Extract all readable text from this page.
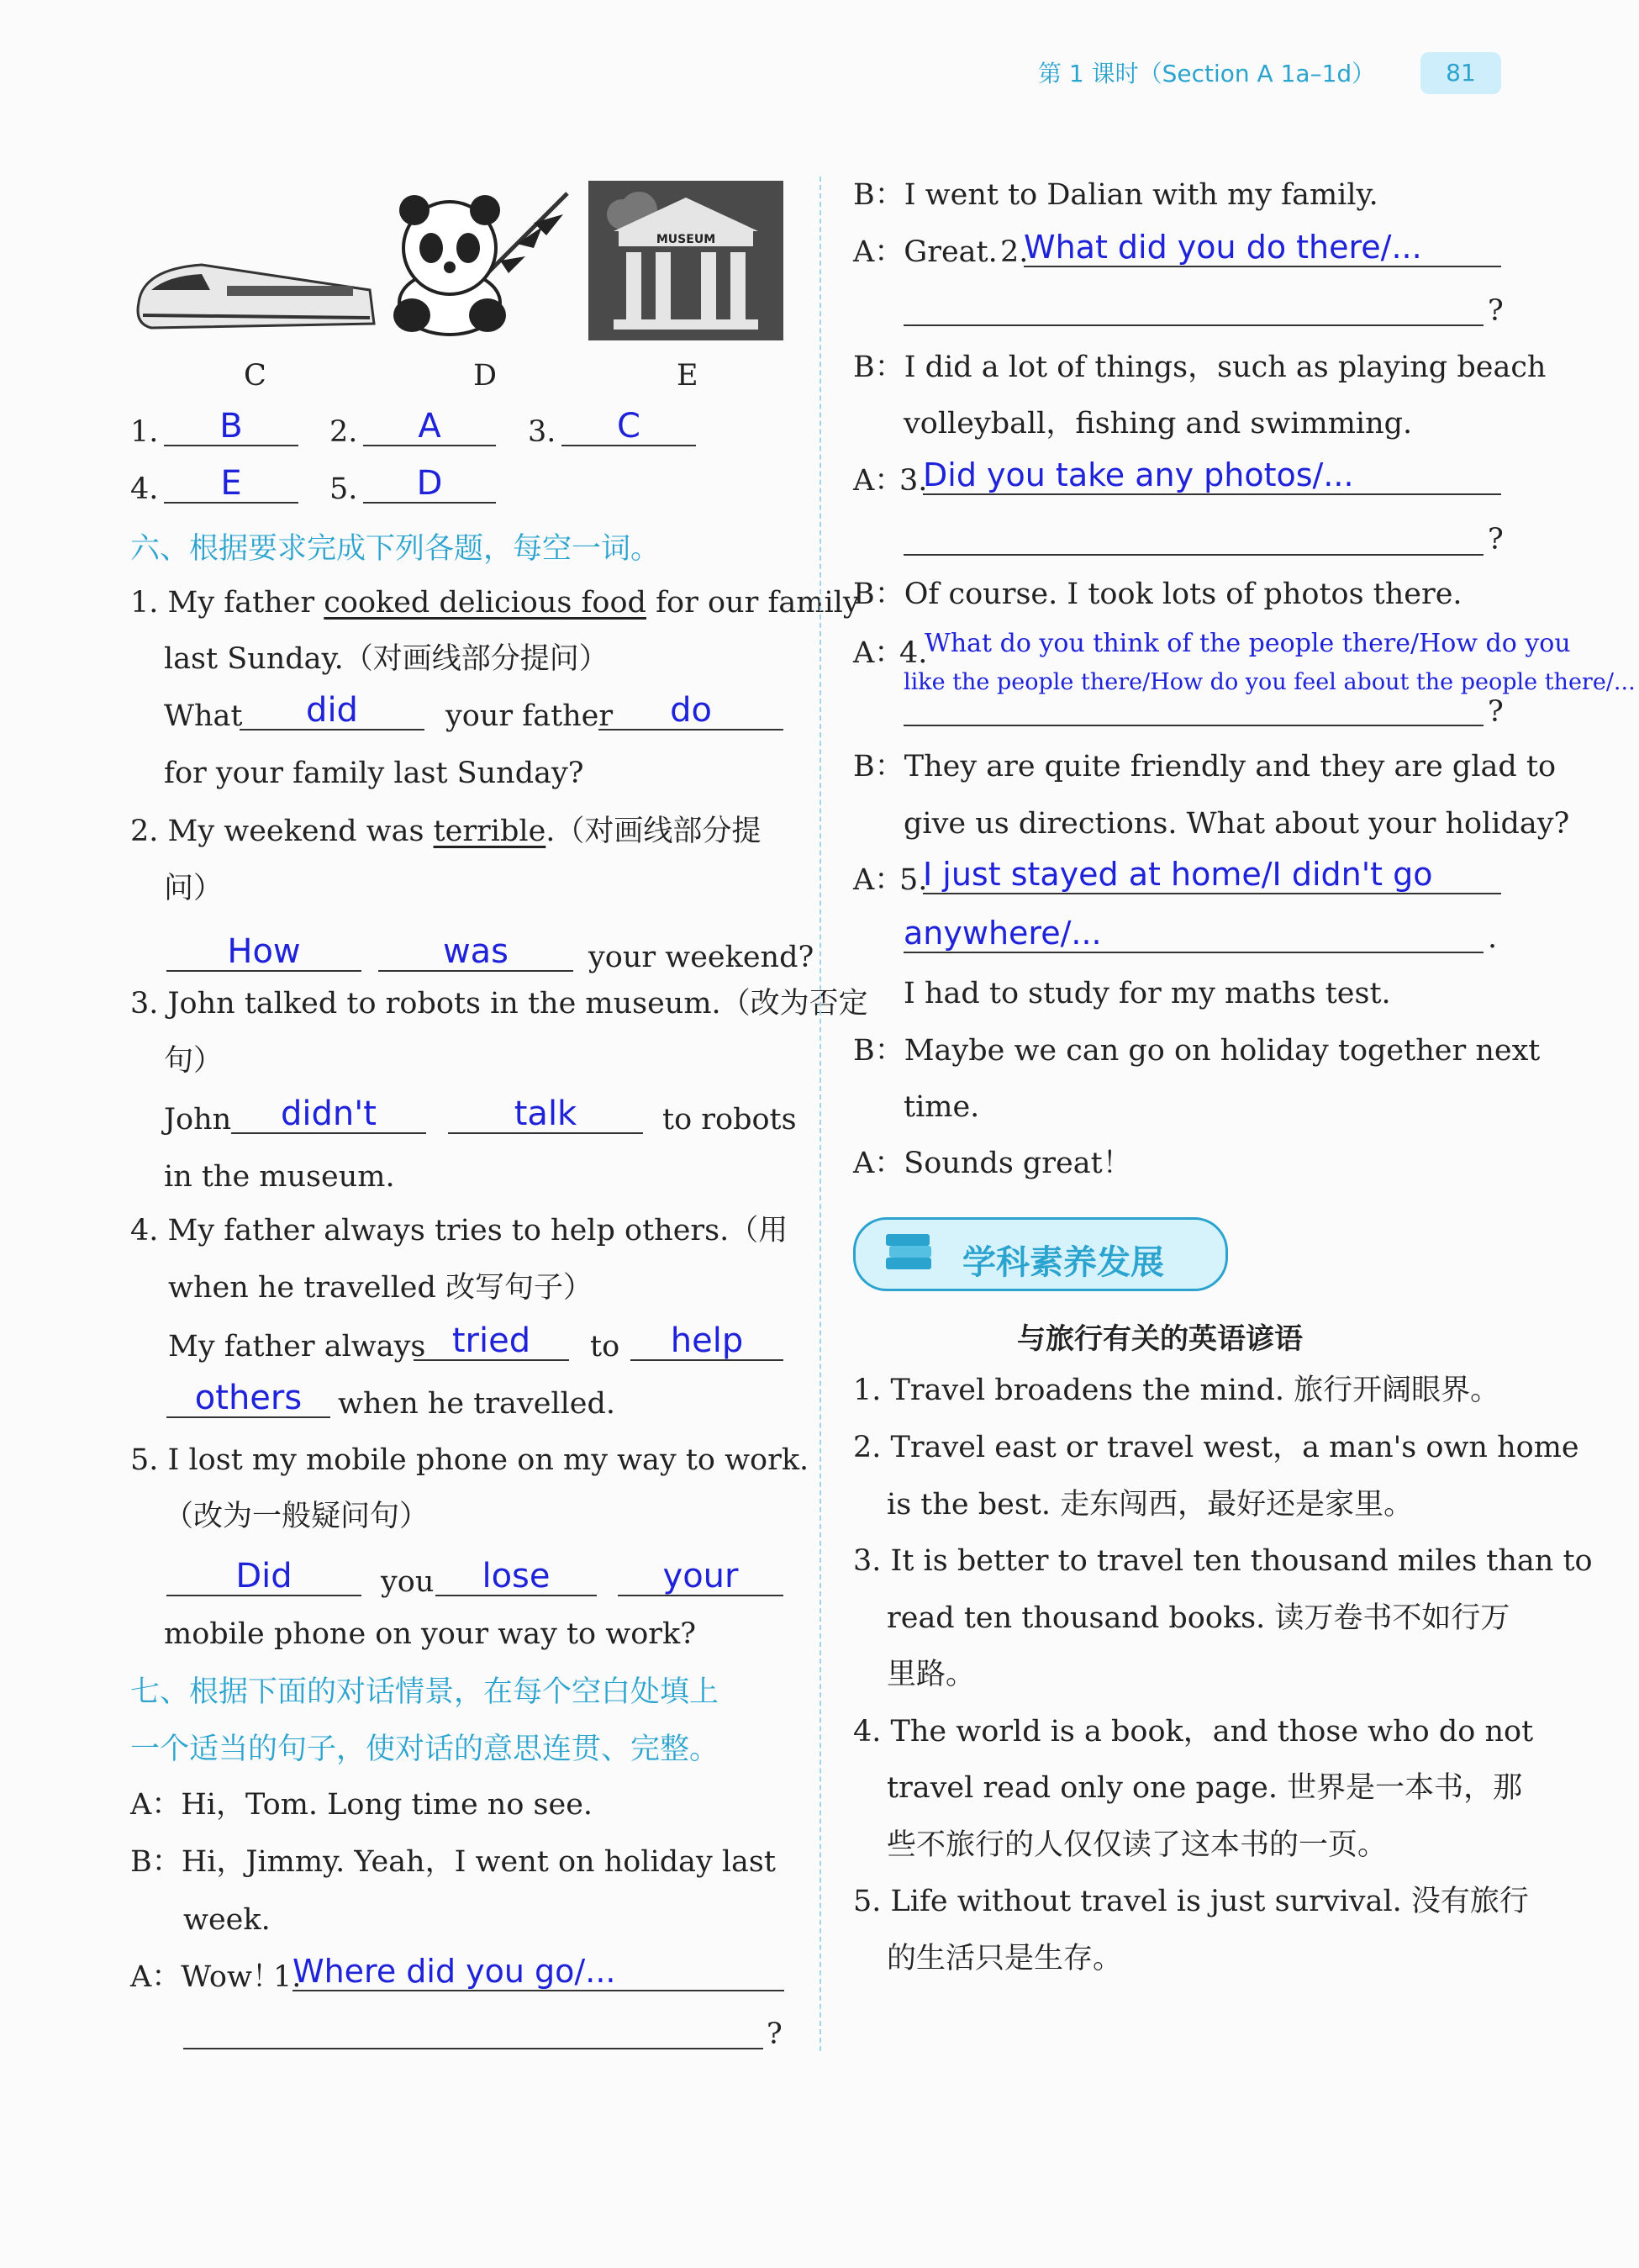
第 1 课时（Section A 1a–1d）	81
MUSEUM
C	D	E
1.	B	2.	A	3.	C
4.	E	5.	D
六、根据要求完成下列各题，每空一词。
1. My father cooked delicious food for our family
last Sunday.（对画线部分提问）
What	did	your father	do
for your family last Sunday?
2. My weekend was terrible.（对画线部分提
问）
How	was	your weekend?
3. John talked to robots in the museum.（改为否定
句）
John	didn't	talk	to robots
in the museum.
4. My father always tries to help others.（用
when he travelled 改写句子）
My father always tried	to	help
others	when he travelled.
5. I lost my mobile phone on my way to work.
（改为一般疑问句）
Did	you	lose	your
mobile phone on your way to work?
七、根据下面的对话情景，在每个空白处填上
一个适当的句子，使对话的意思连贯、完整。
A：Hi，Tom. Long time no see.
B：Hi，Jimmy. Yeah，I went on holiday last
week.
A：Wow！
1.
Where did you go/...
?
B：I went to Dalian with my family.
A：Great. 2.
What did you do there/...
?
B：I did a lot of things，such as playing beach
volleyball，fishing and swimming.
A：
3.
Did you take any photos/...
?
B：Of course. I took lots of photos there.
A：
4.
What do you think of the people there/How do you
like the people there/How do you feel about the people there/...
?
B：They are quite friendly and they are glad to
give us directions. What about your holiday?
A：
5.
I just stayed at home/I didn't go
anywhere/...	.
I had to study for my maths test.
B：Maybe we can go on holiday together next
time.
A：Sounds great！
学科素养发展
与旅行有关的英语谚语
1. Travel broadens the mind. 旅行开阔眼界。
2. Travel east or travel west，a man's own home
is the best. 走东闯西，最好还是家里。
3. It is better to travel ten thousand miles than to
read ten thousand books. 读万卷书不如行万
里路。
4. The world is a book，and those who do not
travel read only one page. 世界是一本书，那
些不旅行的人仅仅读了这本书的一页。
5. Life without travel is just survival. 没有旅行
的生活只是生存。
